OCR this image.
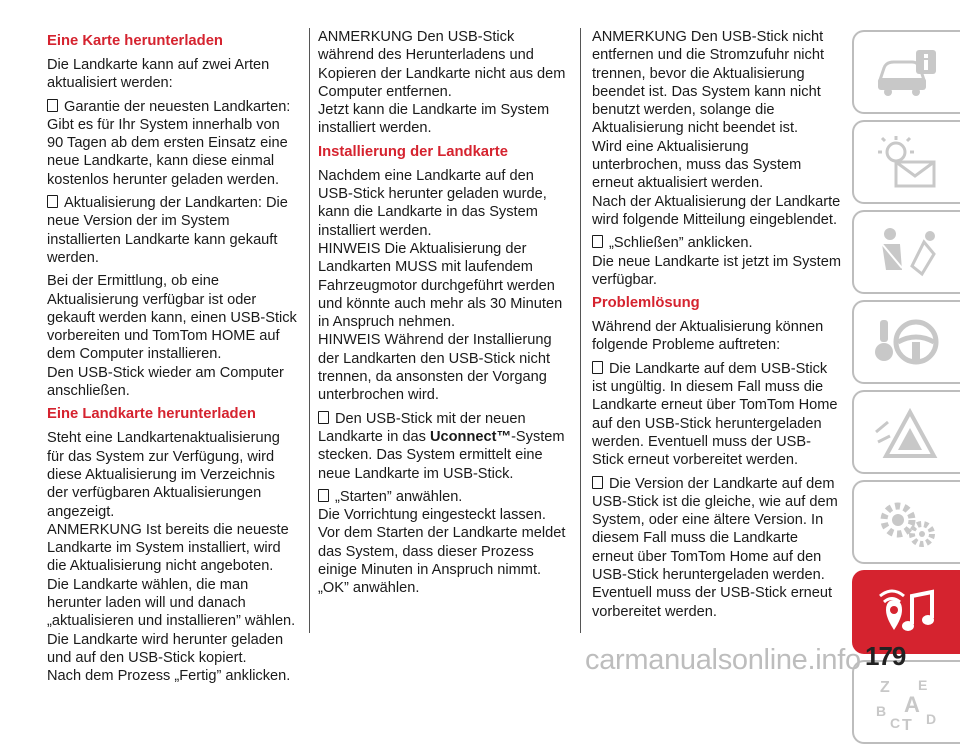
Eine Karte herunterladen

Die Landkarte kann auf zwei Arten aktualisiert werden:

Garantie der neuesten Landkarten: Gibt es für Ihr System innerhalb von 90 Tagen ab dem ersten Einsatz eine neue Landkarte, kann diese einmal kostenlos herunter geladen werden.

Aktualisierung der Landkarten: Die neue Version der im System installierten Landkarte kann gekauft werden.

Bei der Ermittlung, ob eine Aktualisierung verfügbar ist oder gekauft werden kann, einen USB-Stick vorbereiten und TomTom HOME auf dem Computer installieren.

Den USB-Stick wieder am Computer anschließen.

Eine Landkarte herunterladen

Steht eine Landkartenaktualisierung für das System zur Verfügung, wird diese Aktualisierung im Verzeichnis der verfügbaren Aktualisierungen angezeigt.

ANMERKUNG Ist bereits die neueste Landkarte im System installiert, wird die Aktualisierung nicht angeboten.

Die Landkarte wählen, die man herunter laden will und danach „aktualisieren und installieren” wählen.

Die Landkarte wird herunter geladen und auf den USB-Stick kopiert.

Nach dem Prozess „Fertig” anklicken.

ANMERKUNG Den USB-Stick während des Herunterladens und Kopieren der Landkarte nicht aus dem Computer entfernen.

Jetzt kann die Landkarte im System installiert werden.

Installierung der Landkarte

Nachdem eine Landkarte auf den USB-Stick herunter geladen wurde, kann die Landkarte in das System installiert werden.

HINWEIS Die Aktualisierung der Landkarten MUSS mit laufendem Fahrzeugmotor durchgeführt werden und könnte auch mehr als 30 Minuten in Anspruch nehmen.

HINWEIS Während der Installierung der Landkarten den USB-Stick nicht trennen, da ansonsten der Vorgang unterbrochen wird.

Den USB-Stick mit der neuen Landkarte in das Uconnect™-System stecken. Das System ermittelt eine neue Landkarte im USB-Stick.

„Starten” anwählen.

Die Vorrichtung eingesteckt lassen. Vor dem Starten der Landkarte meldet das System, dass dieser Prozess einige Minuten in Anspruch nimmt. „OK” anwählen.

ANMERKUNG Den USB-Stick nicht entfernen und die Stromzufuhr nicht trennen, bevor die Aktualisierung beendet ist. Das System kann nicht benutzt werden, solange die Aktualisierung nicht beendet ist.

Wird eine Aktualisierung unterbrochen, muss das System erneut aktualisiert werden.

Nach der Aktualisierung der Landkarte wird folgende Mitteilung eingeblendet.

„Schließen” anklicken.

Die neue Landkarte ist jetzt im System verfügbar.

Problemlösung

Während der Aktualisierung können folgende Probleme auftreten:

Die Landkarte auf dem USB-Stick ist ungültig. In diesem Fall muss die Landkarte erneut über TomTom Home auf den USB-Stick heruntergeladen werden. Eventuell muss der USB-Stick erneut vorbereitet werden.

Die Version der Landkarte auf dem USB-Stick ist die gleiche, wie auf dem System, oder eine ältere Version. In diesem Fall muss die Landkarte erneut über TomTom Home auf den USB-Stick heruntergeladen werden. Eventuell muss der USB-Stick erneut vorbereitet werden.

Z E
B A
C T D
carmanualsonline.info 179
